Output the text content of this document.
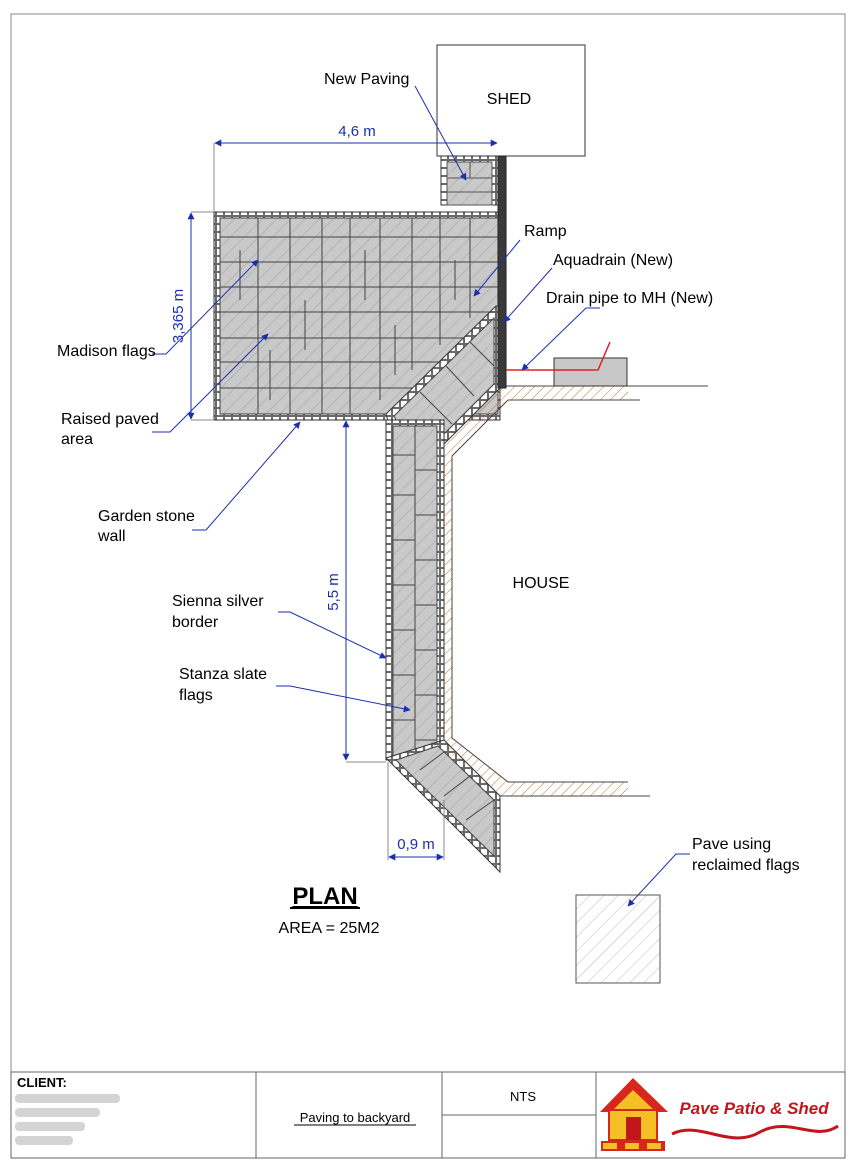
SHED
HOUSE
4,6 m
3,365 m
5,5 m
0,9 m
New Paving
Ramp
Aquadrain (New)
Drain pipe to MH (New)
Madison flags
Raised paved
area
Garden stone
wall
Sienna silver
border
Stanza slate
flags
Pave using
reclaimed flags
PLAN
AREA = 25M2
CLIENT:
Paving to backyard
NTS
Pave Patio & Shed
